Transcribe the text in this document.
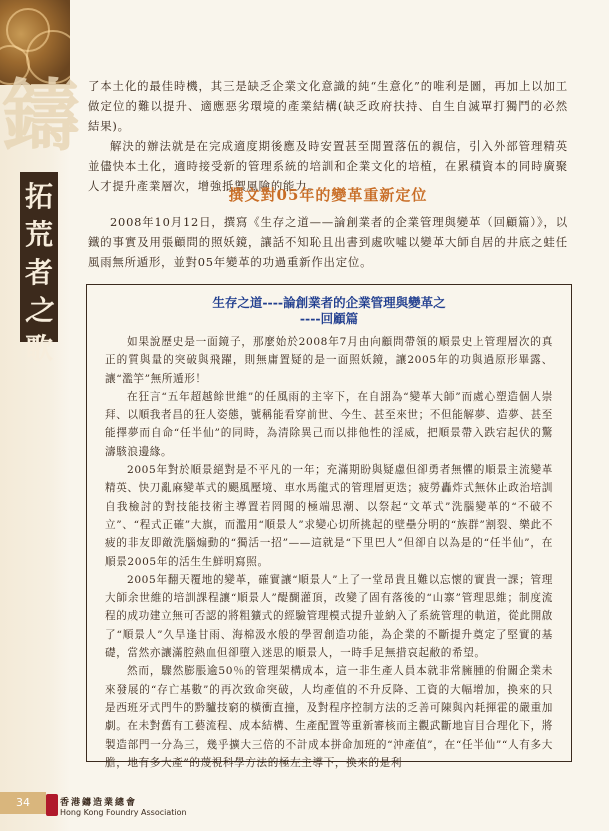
鑄
拓
荒
者
之
歌

了本土化的最佳時機，其三是缺乏企業文化意識的純“生意化”的唯利是圖，再加上以加工做定位的難以提升、適應惡劣環境的產業結構(缺乏政府扶持、自生自滅單打獨鬥的必然結果)。

解決的辦法就是在完成適度期後應及時安置甚至閒置落伍的親信，引入外部管理精英並儘快本土化，適時接受新的管理系統的培訓和企業文化的培植，在累積資本的同時廣聚人才提升產業層次，增強抵禦風險的能力。

撰文對05年的變革重新定位

2008年10月12日，撰寫《生存之道——論創業者的企業管理與變革（回顧篇）》，以鐵的事實及用張顧問的照妖鏡，讓話不知恥且出書到處吹噓以變革大師自居的井底之蛙任風雨無所遁形，並對05年變革的功過重新作出定位。

生存之道----論創業者的企業管理與變革之
----回顧篇

如果說歷史是一面鏡子，那麼始於2008年7月由向顧問帶領的順景史上管理層次的真正的質與量的突破與飛躍，則無庸置疑的是一面照妖鏡，讓2005年的功與過原形畢露、讓“濫竽”無所遁形！

在狂言“五年超越餘世維”的任風雨的主宰下，在自詡為“變革大師”而處心塑造個人崇拜、以順我者昌的狂人姿態，號稱能看穿前世、今生、甚至來世；不但能解夢、造夢、甚至能擇夢而自命“任半仙”的同時，為清除異己而以排他性的淫威，把順景帶入跌宕起伏的驚濤駭浪邊緣。

2005年對於順景絕對是不平凡的一年；充滿期盼與疑慮但卻勇者無懼的順景主流變革精英、快刀亂麻變革式的颶風壓境、車水馬龍式的管理層更迭；疲勞轟炸式無休止政治培訓自我檢討的對技能技術主導置若罔聞的極端思潮、以祭起“文革式”洗腦變革的“不破不立”、“程式正確”大旗，而濫用“順景人”求變心切所挑起的壁壘分明的“族群”割裂、樂此不疲的非友即敵洗腦煽動的“獨活一招”——這就是“下里巴人”但卻自以為是的“任半仙”，在順景2005年的活生生鮮明寫照。

2005年翻天覆地的變革，確實讓“順景人”上了一堂昂貴且難以忘懷的實貴一課；管理大師余世維的培訓課程讓“順景人”醍醐灌頂，改變了固有落後的“山寨”管理思維；制度流程的成功建立無可否認的將粗獷式的經驗管理模式提升並納入了系統管理的軌道，從此開啟了“順景人”久旱逢甘雨、海棉汲水般的學習創造功能，為企業的不斷提升奠定了堅實的基礎，當然亦讓滿腔熱血但卻墮入迷思的順景人，一時手足無措哀起敝的希望。

然而，驟然膨脹逾50％的管理架構成本，這一非生產人員本就非常臃腫的佾關企業未來發展的“存亡基數”的再次致命突破，人均產值的不升反降、工資的大幅增加，換來的只是西班牙式門牛的黔驢技窮的橫衝直撞，及對程序控制方法的乏善可陳與內耗揮霍的嚴重加劇。在未對舊有工藝流程、成本結構、生產配置等重新審核而主觀武斷地盲目合理化下，將製造部門一分為三，幾乎擴大三倍的不計成本拼命加班的“沖產值”，在“任半仙”“人有多大膽，地有多大產”的蔑視科學方法的極左主導下，換來的是利

34	香港鑄造業總會
Hong Kong Foundry Association
